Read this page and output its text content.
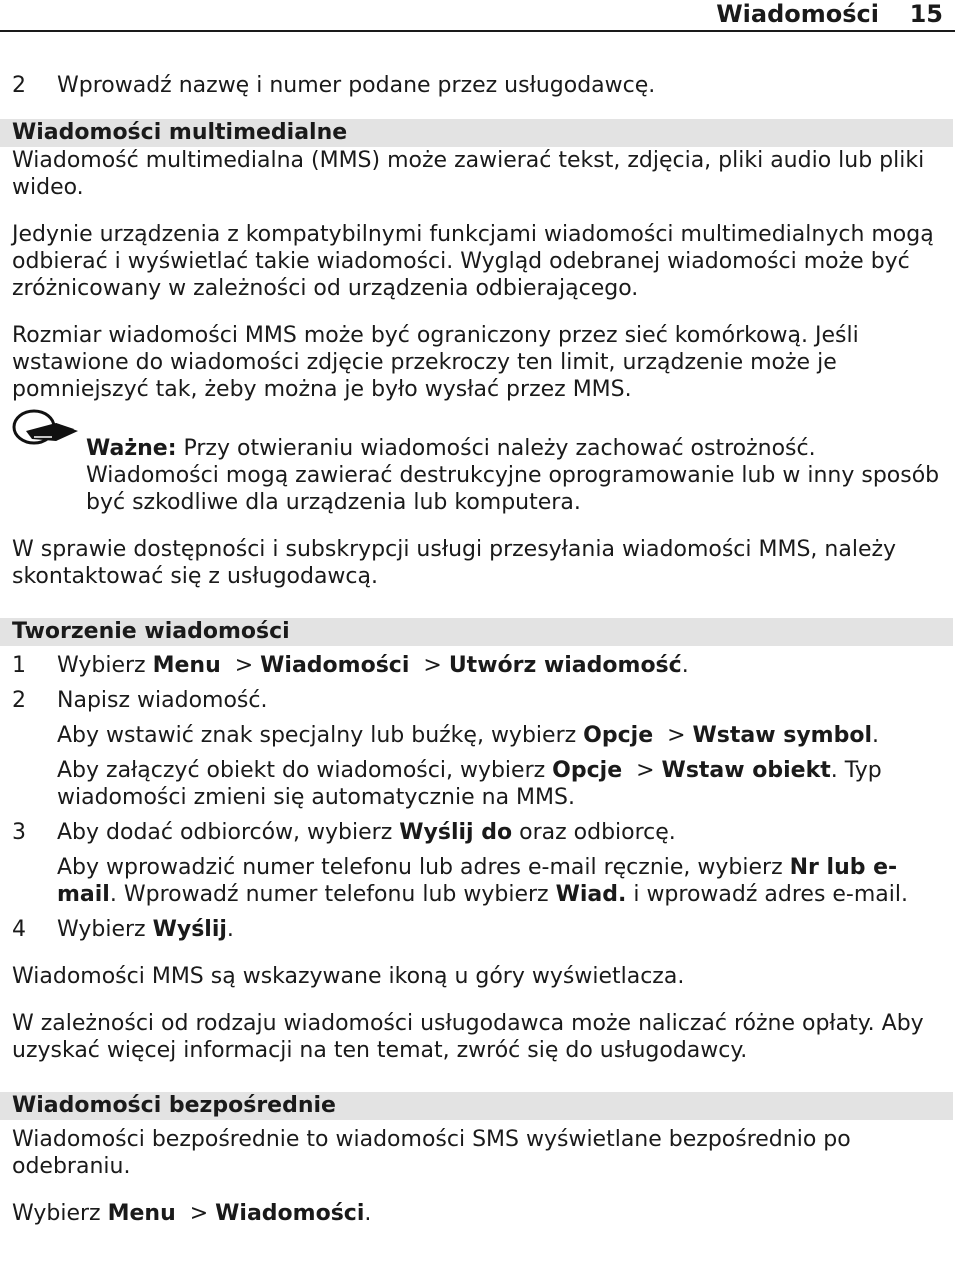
Wiadomości 15
2 Wprowadź nazwę i numer podane przez usługodawcę.
Wiadomości multimedialne

Wiadomość multimedialna (MMS) może zawierać tekst, zdjęcia, pliki audio lub pliki wideo.

Jedynie urządzenia z kompatybilnymi funkcjami wiadomości multimedialnych mogą odbierać i wyświetlać takie wiadomości. Wygląd odebranej wiadomości może być zróżnicowany w zależności od urządzenia odbierającego.

Rozmiar wiadomości MMS może być ograniczony przez sieć komórkową. Jeśli wstawione do wiadomości zdjęcie przekroczy ten limit, urządzenie może je pomniejszyć tak, żeby można je było wysłać przez MMS.

Ważne: Przy otwieraniu wiadomości należy zachować ostrożność. Wiadomości mogą zawierać destrukcyjne oprogramowanie lub w inny sposób być szkodliwe dla urządzenia lub komputera.

W sprawie dostępności i subskrypcji usługi przesyłania wiadomości MMS, należy skontaktować się z usługodawcą.

Tworzenie wiadomości
1 Wybierz Menu  > Wiadomości  > Utwórz wiadomość.
2 Napisz wiadomość.
Aby wstawić znak specjalny lub buźkę, wybierz Opcje  > Wstaw symbol.
Aby załączyć obiekt do wiadomości, wybierz Opcje  > Wstaw obiekt. Typ wiadomości zmieni się automatycznie na MMS.
3 Aby dodać odbiorców, wybierz Wyślij do oraz odbiorcę.
Aby wprowadzić numer telefonu lub adres e-mail ręcznie, wybierz Nr lub e-mail. Wprowadź numer telefonu lub wybierz Wiad. i wprowadź adres e-mail.
4 Wybierz Wyślij.

Wiadomości MMS są wskazywane ikoną u góry wyświetlacza.

W zależności od rodzaju wiadomości usługodawca może naliczać różne opłaty. Aby uzyskać więcej informacji na ten temat, zwróć się do usługodawcy.

Wiadomości bezpośrednie

Wiadomości bezpośrednie to wiadomości SMS wyświetlane bezpośrednio po odebraniu.

Wybierz Menu  > Wiadomości.
